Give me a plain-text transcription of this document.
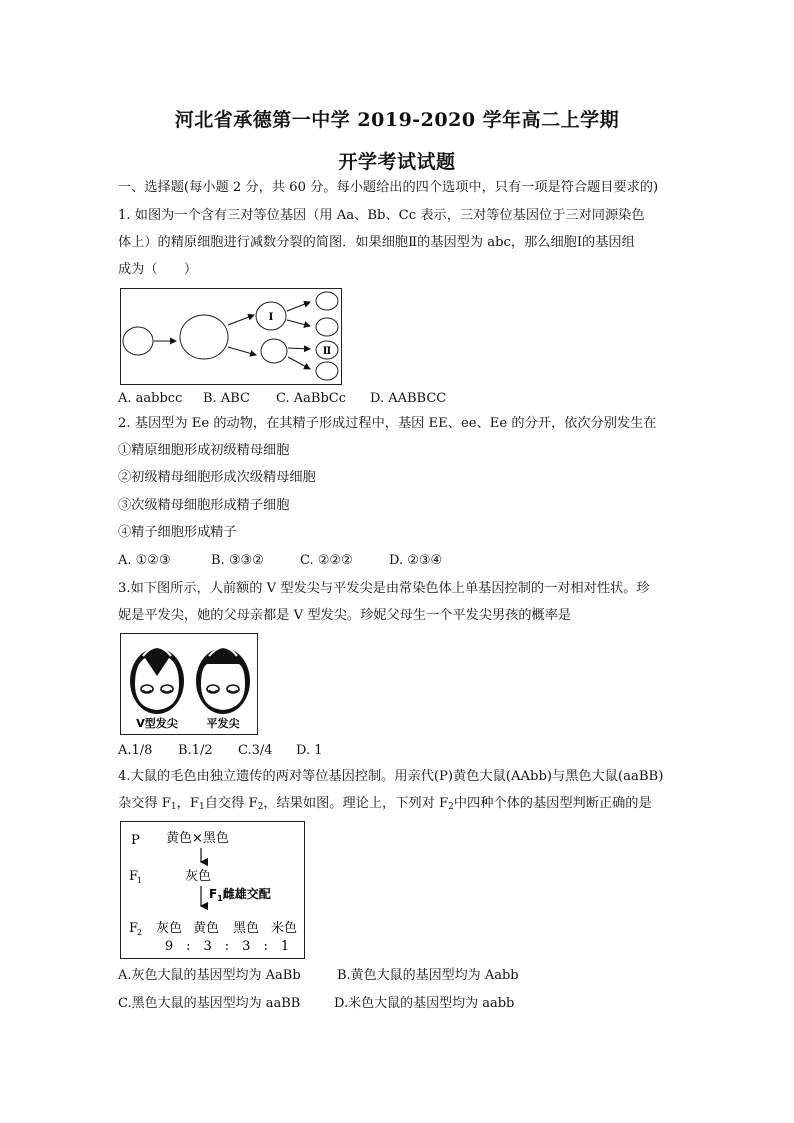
河北省承德第一中学 2019-2020 学年高二上学期
开学考试试题
一、选择题(每小题 2 分，共 60 分。每小题给出的四个选项中，只有一项是符合题目要求的)
1. 如图为一个含有三对等位基因（用 Aa、Bb、Cc 表示，三对等位基因位于三对同源染色
体上）的精原细胞进行减数分裂的简图．如果细胞Ⅱ的基因型为 abc，那么细胞Ⅰ的基因组
成为（　　）
Ⅰ
Ⅱ
A. aabbcc B. ABC C. AaBbCc D. AABBCC
2. 基因型为 Ee 的动物，在其精子形成过程中，基因 EE、ee、Ee 的分开，依次分别发生在
①精原细胞形成初级精母细胞
②初级精母细胞形成次级精母细胞
③次级精母细胞形成精子细胞
④精子细胞形成精子
A. ①②③	B. ③③②	C. ②②②	D. ②③④
3.如下图所示，人前额的 V 型发尖与平发尖是由常染色体上单基因控制的一对相对性状。珍
妮是平发尖，她的父母亲都是 V 型发尖。珍妮父母生一个平发尖男孩的概率是
V型发尖	平发尖
A.1/8 B.1/2 C.3/4 D. 1
4.大鼠的毛色由独立遗传的两对等位基因控制。用亲代(P)黄色大鼠(AAbb)与黑色大鼠(aaBB)
杂交得 $F_1$，$F_1$自交得 $F_2$，结果如图。理论上，下列对 $F_2$中四种个体的基因型判断正确的是
P 黄色×黑色
F
1	灰色
$F_1$雌雄交配
F
2 灰色 黄色 黑色 米色
9　:　3　:　3　:　1
A.灰色大鼠的基因型均为 AaBb	B.黄色大鼠的基因型均为 Aabb
C.黑色大鼠的基因型均为 aaBB	D.米色大鼠的基因型均为 aabb
